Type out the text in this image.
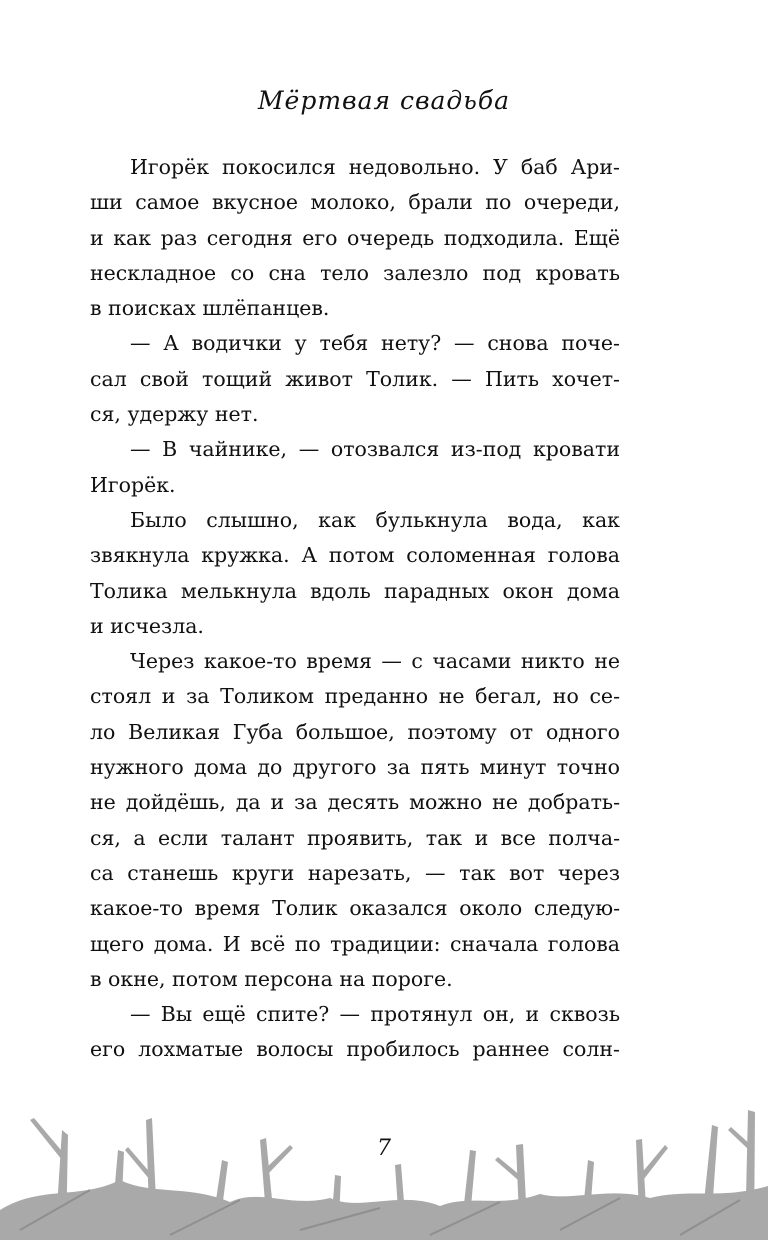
Мёртвая свадьба
Игорёк покосился недовольно. У баб Ари-
ши самое вкусное молоко, брали по очереди,
и как раз сегодня его очередь подходила. Ещё
нескладное со сна тело залезло под кровать
в поисках шлёпанцев.
— А водички у тебя нету? — снова поче-
сал свой тощий живот Толик. — Пить хочет-
ся, удержу нет.
— В чайнике, — отозвался из-под кровати
Игорёк.
Было слышно, как булькнула вода, как
звякнула кружка. А потом соломенная голова
Толика мелькнула вдоль парадных окон дома
и исчезла.
Через какое-то время — с часами никто не
стоял и за Толиком преданно не бегал, но се-
ло Великая Губа большое, поэтому от одного
нужного дома до другого за пять минут точно
не дойдёшь, да и за десять можно не добрать-
ся, а если талант проявить, так и все полча-
са станешь круги нарезать, — так вот через
какое-то время Толик оказался около следую-
щего дома. И всё по традиции: сначала голова
в окне, потом персона на пороге.
— Вы ещё спите? — протянул он, и сквозь
его лохматые волосы пробилось раннее солн-
7
